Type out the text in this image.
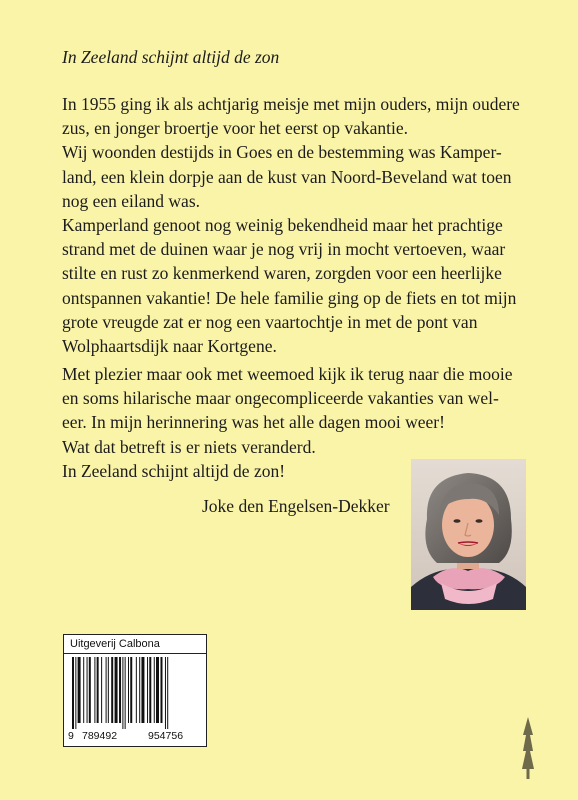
In Zeeland schijnt altijd de zon
In 1955 ging ik als achtjarig meisje met mijn ouders, mijn oudere
zus, en jonger broertje voor het eerst op vakantie.
Wij woonden destijds in Goes en de bestemming was Kamper-
land, een klein dorpje aan de kust van Noord-Beveland wat toen
nog een eiland was.
Kamperland genoot nog weinig bekendheid maar het prachtige
strand met de duinen waar je nog vrij in mocht vertoeven, waar
stilte en rust zo kenmerkend waren, zorgden voor een heerlijke
ontspannen vakantie! De hele familie ging op de fiets en tot mijn
grote vreugde zat er nog een vaartochtje in met de pont van
Wolphaartsdijk naar Kortgene.
Met plezier maar ook met weemoed kijk ik terug naar die mooie
en soms hilarische maar ongecompliceerde vakanties van wel-
eer. In mijn herinnering was het alle dagen mooi weer!
Wat dat betreft is er niets veranderd.
In Zeeland schijnt altijd de zon!
Joke den Engelsen-Dekker
Uitgeverij Calbona
9 789492	954756
